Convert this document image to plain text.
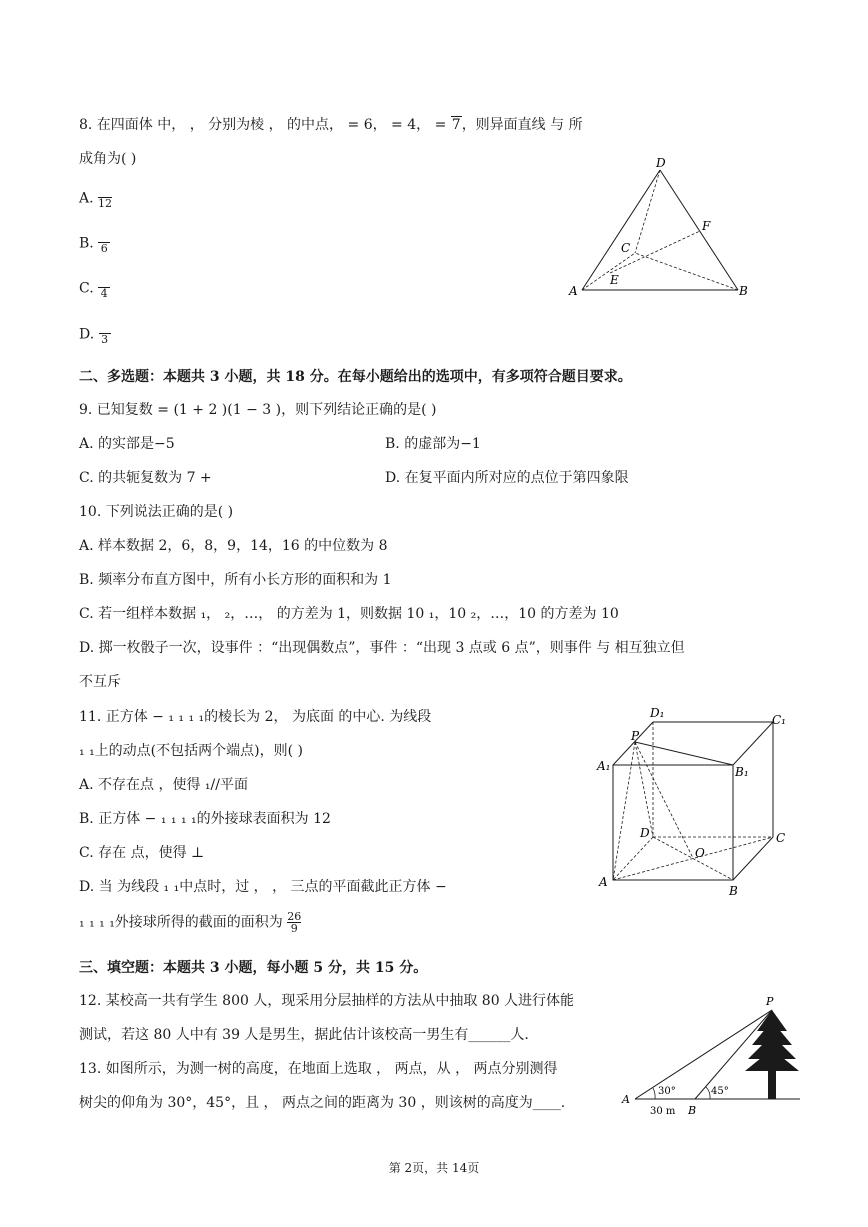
8. 在四面体 中， ， 分别为棱 ， 的中点， = 6， = 4， = 7，则异面直线 与 所
成角为( )
A. 12
B. 6
C. 4
D. 3
D
F
C
E
A	B
二、多选题：本题共 3 小题，共 18 分。在每小题给出的选项中，有多项符合题目要求。
9. 已知复数 = (1 + 2 )(1 − 3 )，则下列结论正确的是( )
A. 的实部是−5	B. 的虚部为−1
C. 的共轭复数为 7 +	D. 在复平面内所对应的点位于第四象限
10. 下列说法正确的是( )
A. 样本数据 2，6，8，9，14，16 的中位数为 8
B. 频率分布直方图中，所有小长方形的面积和为 1
C. 若一组样本数据 ₁， ₂，…， 的方差为 1，则数据 10 ₁，10 ₂，…，10 的方差为 10
D. 掷一枚骰子一次，设事件 ：“出现偶数点”，事件 ：“出现 3 点或 6 点”，则事件 与 相互独立但
不互斥
11. 正方体 − ₁ ₁ ₁ ₁的棱长为 2， 为底面 的中心. 为线段
₁ ₁上的动点(不包括两个端点)，则( )
A. 不存在点 ，使得 ₁//平面
B. 正方体 − ₁ ₁ ₁ ₁的外接球表面积为 12
C. 存在 点，使得 ⊥
D. 当 为线段 ₁ ₁中点时，过 ， ， 三点的平面截此正方体 −
₁ ₁ ₁ ₁外接球所得的截面的面积为 $\frac{26}{9}$
D₁	C₁
P
A₁	B₁
D	C
O
A
B
三、填空题：本题共 3 小题，每小题 5 分，共 15 分。
12. 某校高一共有学生 800 人，现采用分层抽样的方法从中抽取 80 人进行体能
测试，若这 80 人中有 39 人是男生，据此估计该校高一男生有______人.
13. 如图所示，为测一树的高度，在地面上选取 ， 两点，从 ， 两点分别测得
树尖的仰角为 30°，45°，且 ， 两点之间的距离为 30 ，则该树的高度为____.
P
A
B
30°	45°
30 m
第 2页，共 14页
